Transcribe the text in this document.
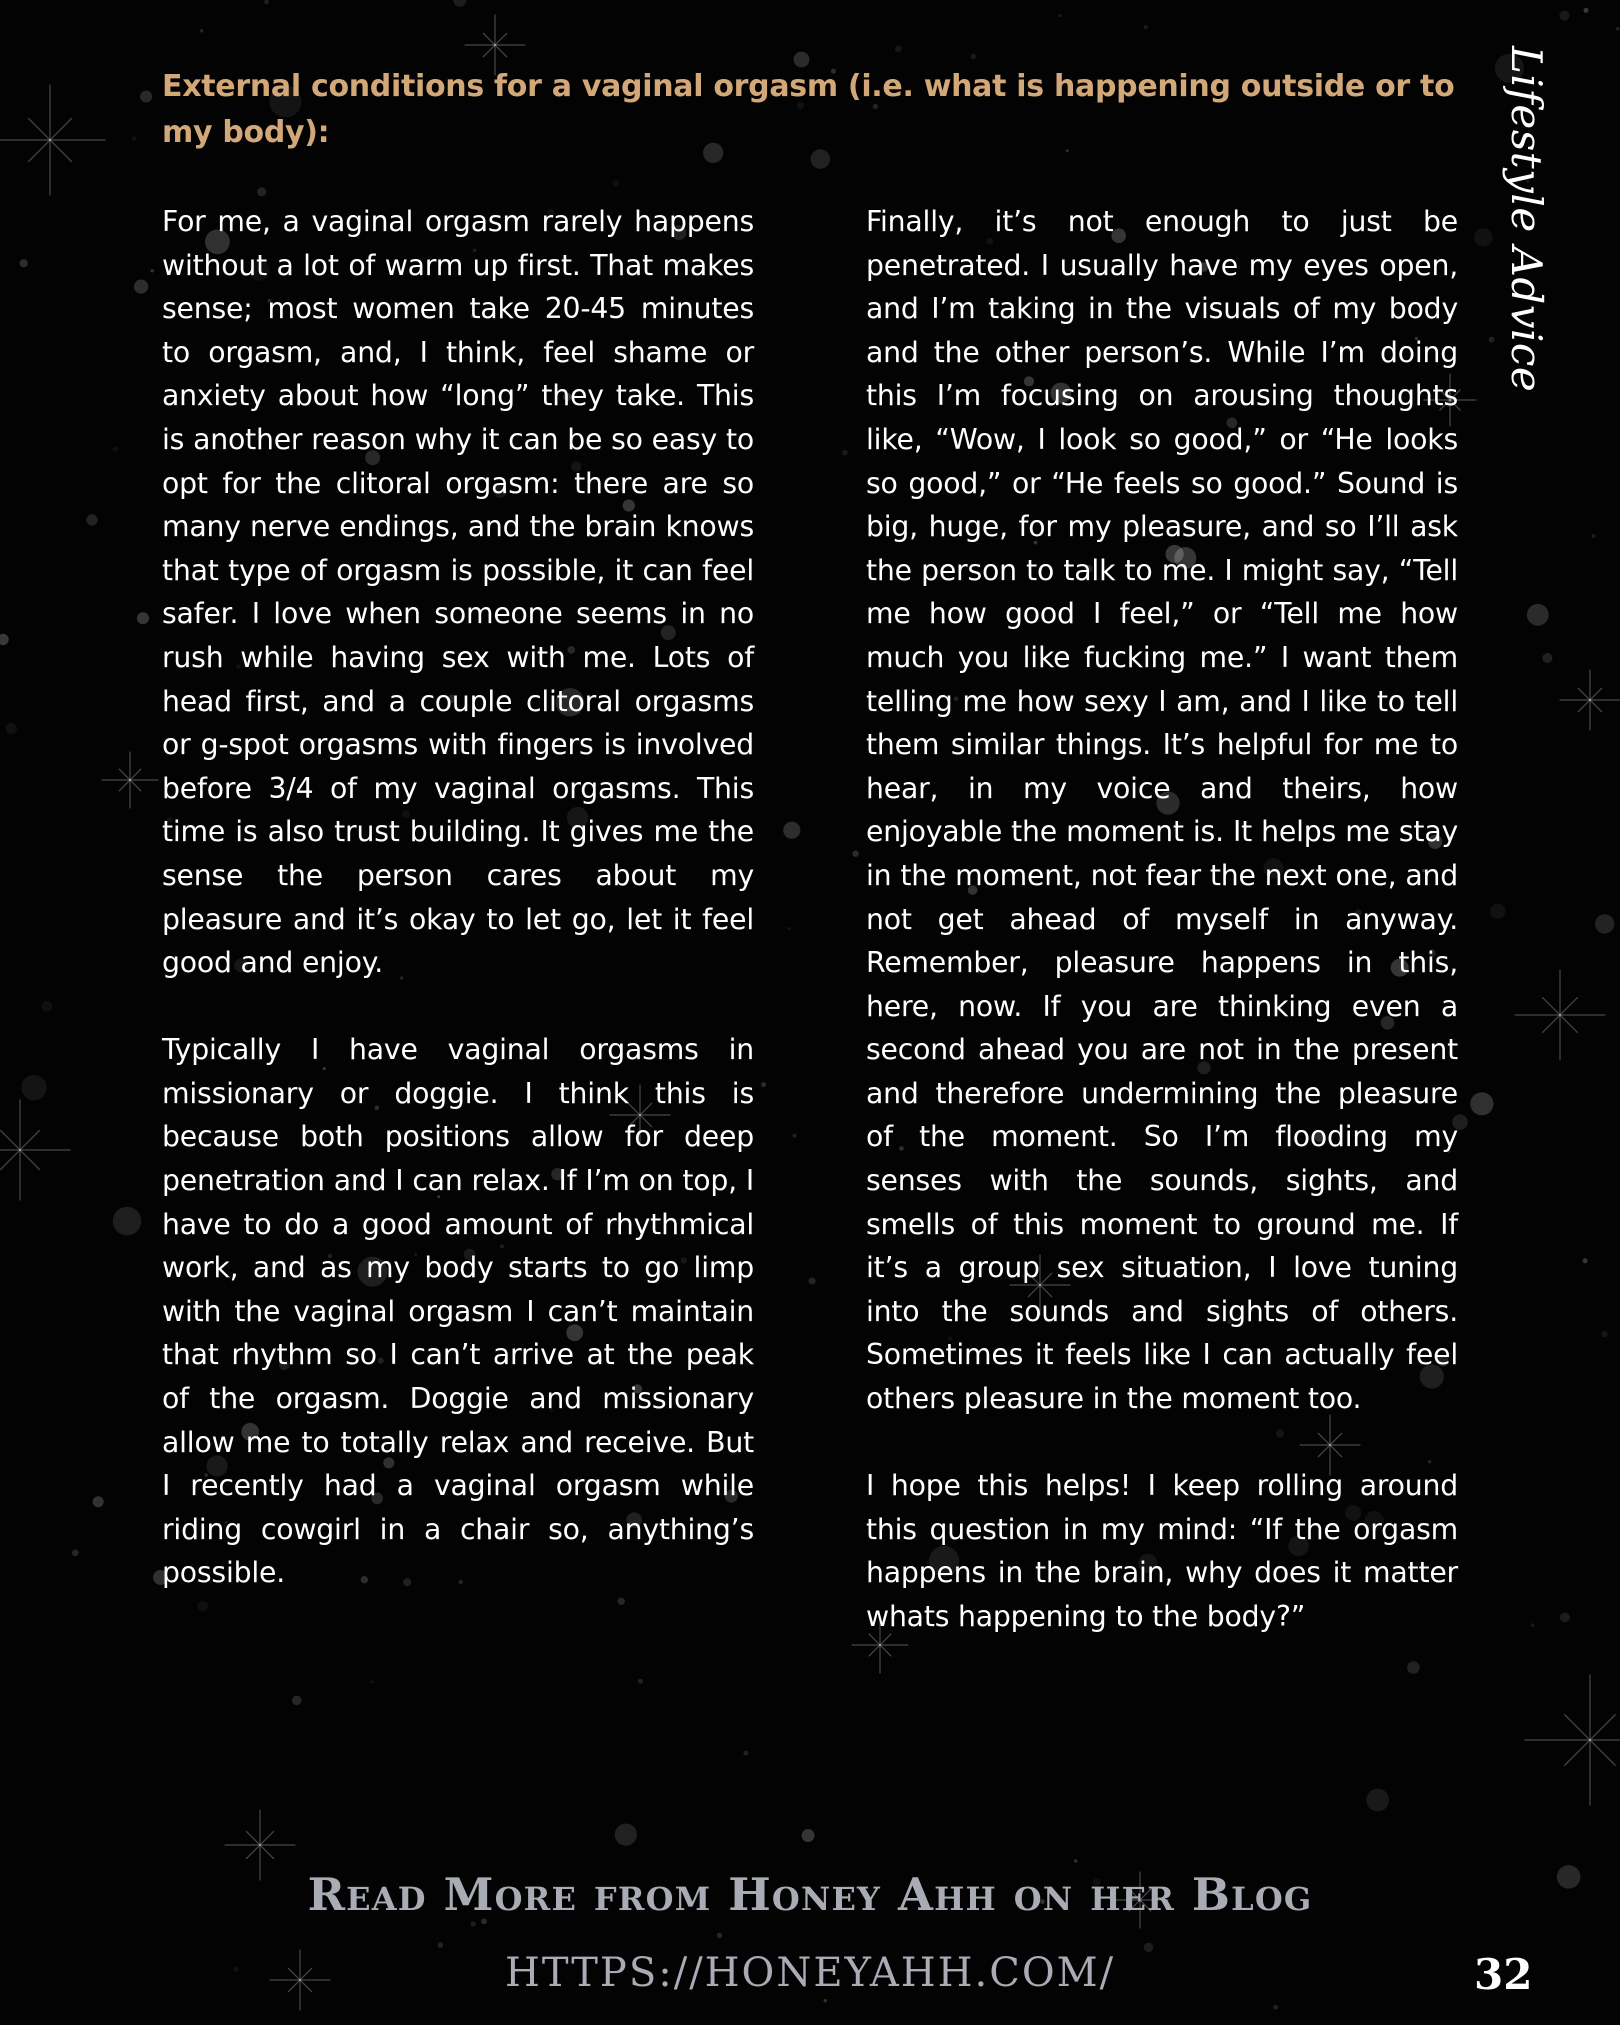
External conditions for a vaginal orgasm (i.e. what is happening outside or to my body):

For me, a vaginal orgasm rarely happens without a lot of warm up first. That makes sense; most women take 20-45 minutes to orgasm, and, I think, feel shame or anxiety about how “long” they take. This is another reason why it can be so easy to opt for the clitoral orgasm: there are so many nerve endings, and the brain knows that type of orgasm is possible, it can feel safer. I love when someone seems in no rush while having sex with me. Lots of head first, and a couple clitoral orgasms or g-spot orgasms with fingers is involved before 3/4 of my vaginal orgasms. This time is also trust building. It gives me the sense the person cares about my pleasure and it’s okay to let go, let it feel good and enjoy.

Typically I have vaginal orgasms in missionary or doggie. I think this is because both positions allow for deep penetration and I can relax. If I’m on top, I have to do a good amount of rhythmical work, and as my body starts to go limp with the vaginal orgasm I can’t maintain that rhythm so I can’t arrive at the peak of the orgasm. Doggie and missionary allow me to totally relax and receive. But I recently had a vaginal orgasm while riding cowgirl in a chair so, anything’s possible.

Finally, it’s not enough to just be penetrated. I usually have my eyes open, and I’m taking in the visuals of my body and the other person’s. While I’m doing this I’m focusing on arousing thoughts like, “Wow, I look so good,” or “He looks so good,” or “He feels so good.” Sound is big, huge, for my pleasure, and so I’ll ask the person to talk to me. I might say, “Tell me how good I feel,” or “Tell me how much you like fucking me.” I want them telling me how sexy I am, and I like to tell them similar things. It’s helpful for me to hear, in my voice and theirs, how enjoyable the moment is. It helps me stay in the moment, not fear the next one, and not get ahead of myself in anyway. Remember, pleasure happens in this, here, now. If you are thinking even a second ahead you are not in the present and therefore undermining the pleasure of the moment. So I’m flooding my senses with the sounds, sights, and smells of this moment to ground me. If it’s a group sex situation, I love tuning into the sounds and sights of others. Sometimes it feels like I can actually feel others pleasure in the moment too.

I hope this helps! I keep rolling around this question in my mind: “If the orgasm happens in the brain, why does it matter whats happening to the body?”

Lifestyle Advice
Read More from Honey Ahh on her Blog
HTTPS://HONEYAHH.COM/	32
